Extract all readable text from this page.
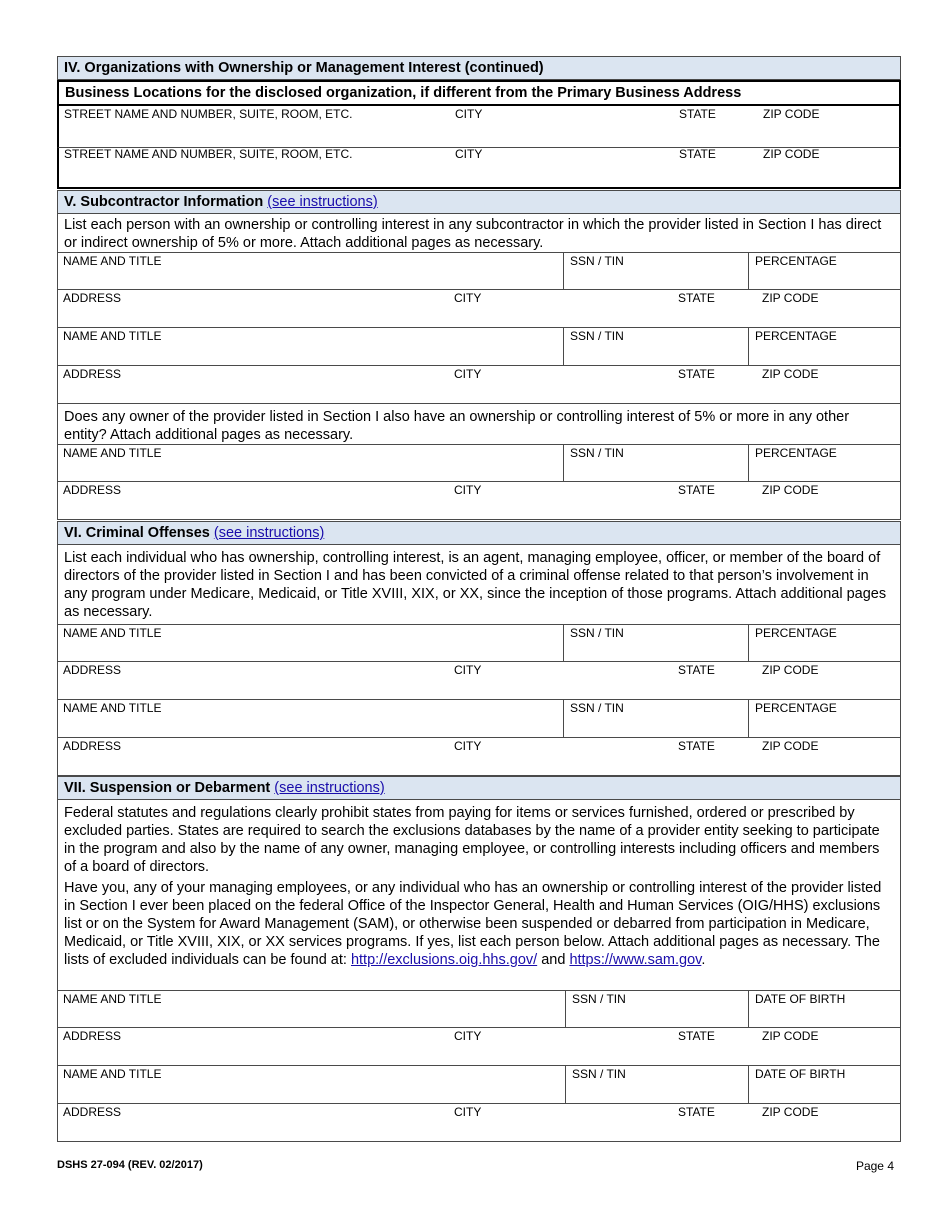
IV. Organizations with Ownership or Management Interest (continued)
Business Locations for the disclosed organization, if different from the Primary Business Address
STREET NAME AND NUMBER, SUITE, ROOM, ETC.	CITY	STATE	ZIP CODE
STREET NAME AND NUMBER, SUITE, ROOM, ETC.	CITY	STATE	ZIP CODE
V. Subcontractor Information (see instructions)
List each person with an ownership or controlling interest in any subcontractor in which the provider listed in Section I has direct or indirect ownership of 5% or more. Attach additional pages as necessary.
NAME AND TITLE	SSN / TIN	PERCENTAGE
ADDRESS	CITY	STATE	ZIP CODE
NAME AND TITLE	SSN / TIN	PERCENTAGE
ADDRESS	CITY	STATE	ZIP CODE
Does any owner of the provider listed in Section I also have an ownership or controlling interest of 5% or more in any other entity? Attach additional pages as necessary.
NAME AND TITLE	SSN / TIN	PERCENTAGE
ADDRESS	CITY	STATE	ZIP CODE
VI. Criminal Offenses (see instructions)
List each individual who has ownership, controlling interest, is an agent, managing employee, officer, or member of the board of directors of the provider listed in Section I and has been convicted of a criminal offense related to that person’s involvement in any program under Medicare, Medicaid, or Title XVIII, XIX, or XX, since the inception of those programs. Attach additional pages as necessary.
NAME AND TITLE	SSN / TIN	PERCENTAGE
ADDRESS	CITY	STATE	ZIP CODE
NAME AND TITLE	SSN / TIN	PERCENTAGE
ADDRESS	CITY	STATE	ZIP CODE
VII. Suspension or Debarment (see instructions)
Federal statutes and regulations clearly prohibit states from paying for items or services furnished, ordered or prescribed by excluded parties. States are required to search the exclusions databases by the name of a provider entity seeking to participate in the program and also by the name of any owner, managing employee, or controlling interests including officers and members of a board of directors.
Have you, any of your managing employees, or any individual who has an ownership or controlling interest of the provider listed in Section I ever been placed on the federal Office of the Inspector General, Health and Human Services (OIG/HHS) exclusions list or on the System for Award Management (SAM), or otherwise been suspended or debarred from participation in Medicare, Medicaid, or Title XVIII, XIX, or XX services programs. If yes, list each person below. Attach additional pages as necessary. The lists of excluded individuals can be found at: http://exclusions.oig.hhs.gov/ and https://www.sam.gov.
NAME AND TITLE	SSN / TIN	DATE OF BIRTH
ADDRESS	CITY	STATE	ZIP CODE
NAME AND TITLE	SSN / TIN	DATE OF BIRTH
ADDRESS	CITY	STATE	ZIP CODE
DSHS 27-094 (REV. 02/2017)	Page 4
